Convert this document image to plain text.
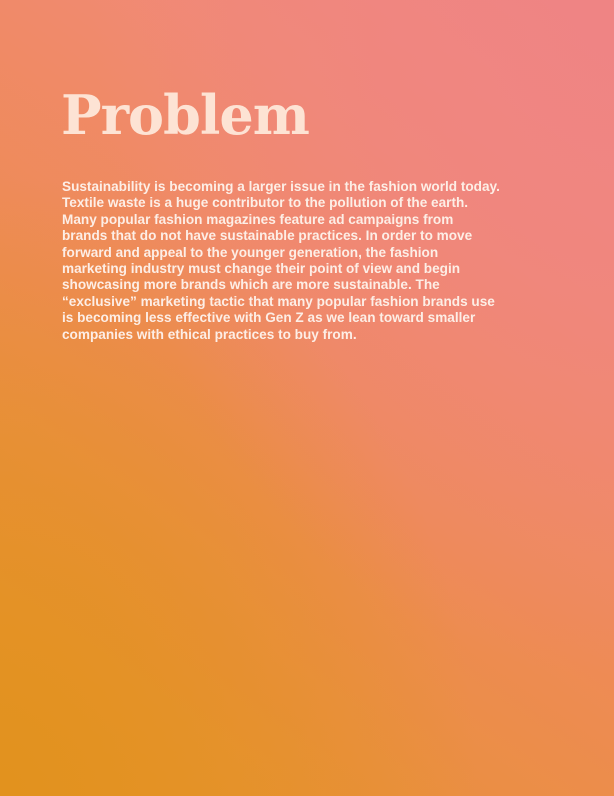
Problem
Sustainability is becoming a larger issue in the fashion world today.
Textile waste is a huge contributor to the pollution of the earth.
Many popular fashion magazines feature ad campaigns from
brands that do not have sustainable practices. In order to move
forward and appeal to the younger generation, the fashion
marketing industry must change their point of view and begin
showcasing more brands which are more sustainable. The
“exclusive” marketing tactic that many popular fashion brands use
is becoming less effective with Gen Z as we lean toward smaller
companies with ethical practices to buy from.
